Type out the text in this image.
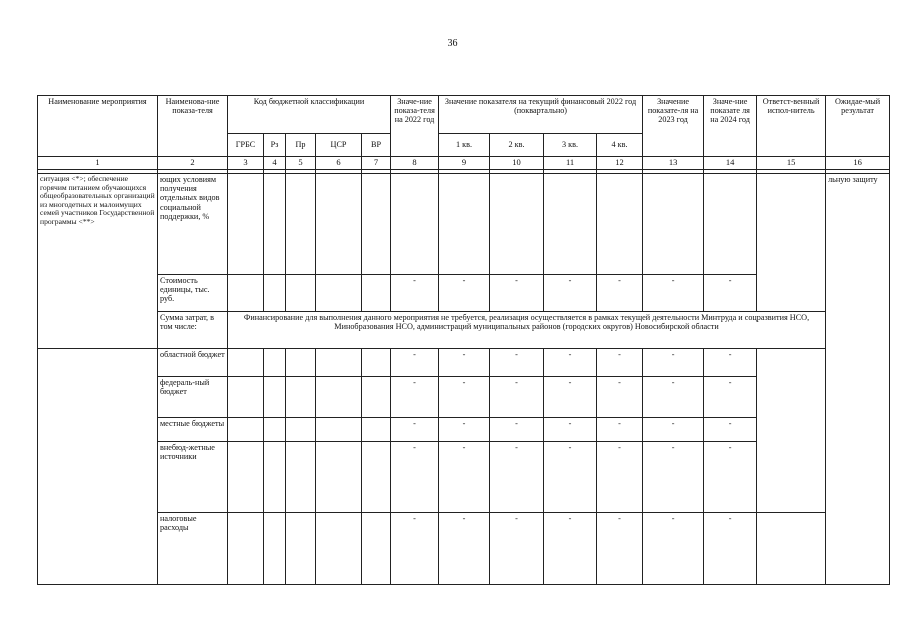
36
Наименование мероприятия	Наименова-ние показа-теля	Код бюджетной классификации					Значе-ние показа-теля на 2022 год	Значение показателя на текущий финансовый 2022 год (поквартально)				Значение показате-ля на 2023 год	Значе-ние показате ля на 2024 год	Ответст-венный испол-нитель	Ожидае-мый результат
		ГРБС	Рз	Пр	ЦСР	ВР		1 кв.	2 кв.	3 кв.	4 кв.				
1	2	3	4	5	6	7	8	9	10	11	12	13	14	15	16

ситуация <*>; обеспечение горячим питанием обучающихся общеобразовательных организаций из многодетных и малоимущих семей участников Государственной программы <**>	ющих условиям получения отдельных видов социальной поддержки, %														льную защиту
	Стоимость единицы, тыс. руб.						-	-	-	-	-	-	-		
	Сумма затрат, в том числе:	Финансирование для выполнения данного мероприятия не требуется, реализация осуществляется в рамках текущей деятельности Минтруда и соцразвития НСО, Минобразования НСО, администраций муниципальных районов (городских округов) Новосибирской области													
	областной бюджет						-	-	-	-	-	-	-		
	федераль-ный бюджет						-	-	-	-	-	-	-		
	местные бюджеты						-	-	-	-	-	-	-		
	внебюд-жетные источники						-	-	-	-	-	-	-		
	налоговые расходы						-	-	-	-	-	-	-		
